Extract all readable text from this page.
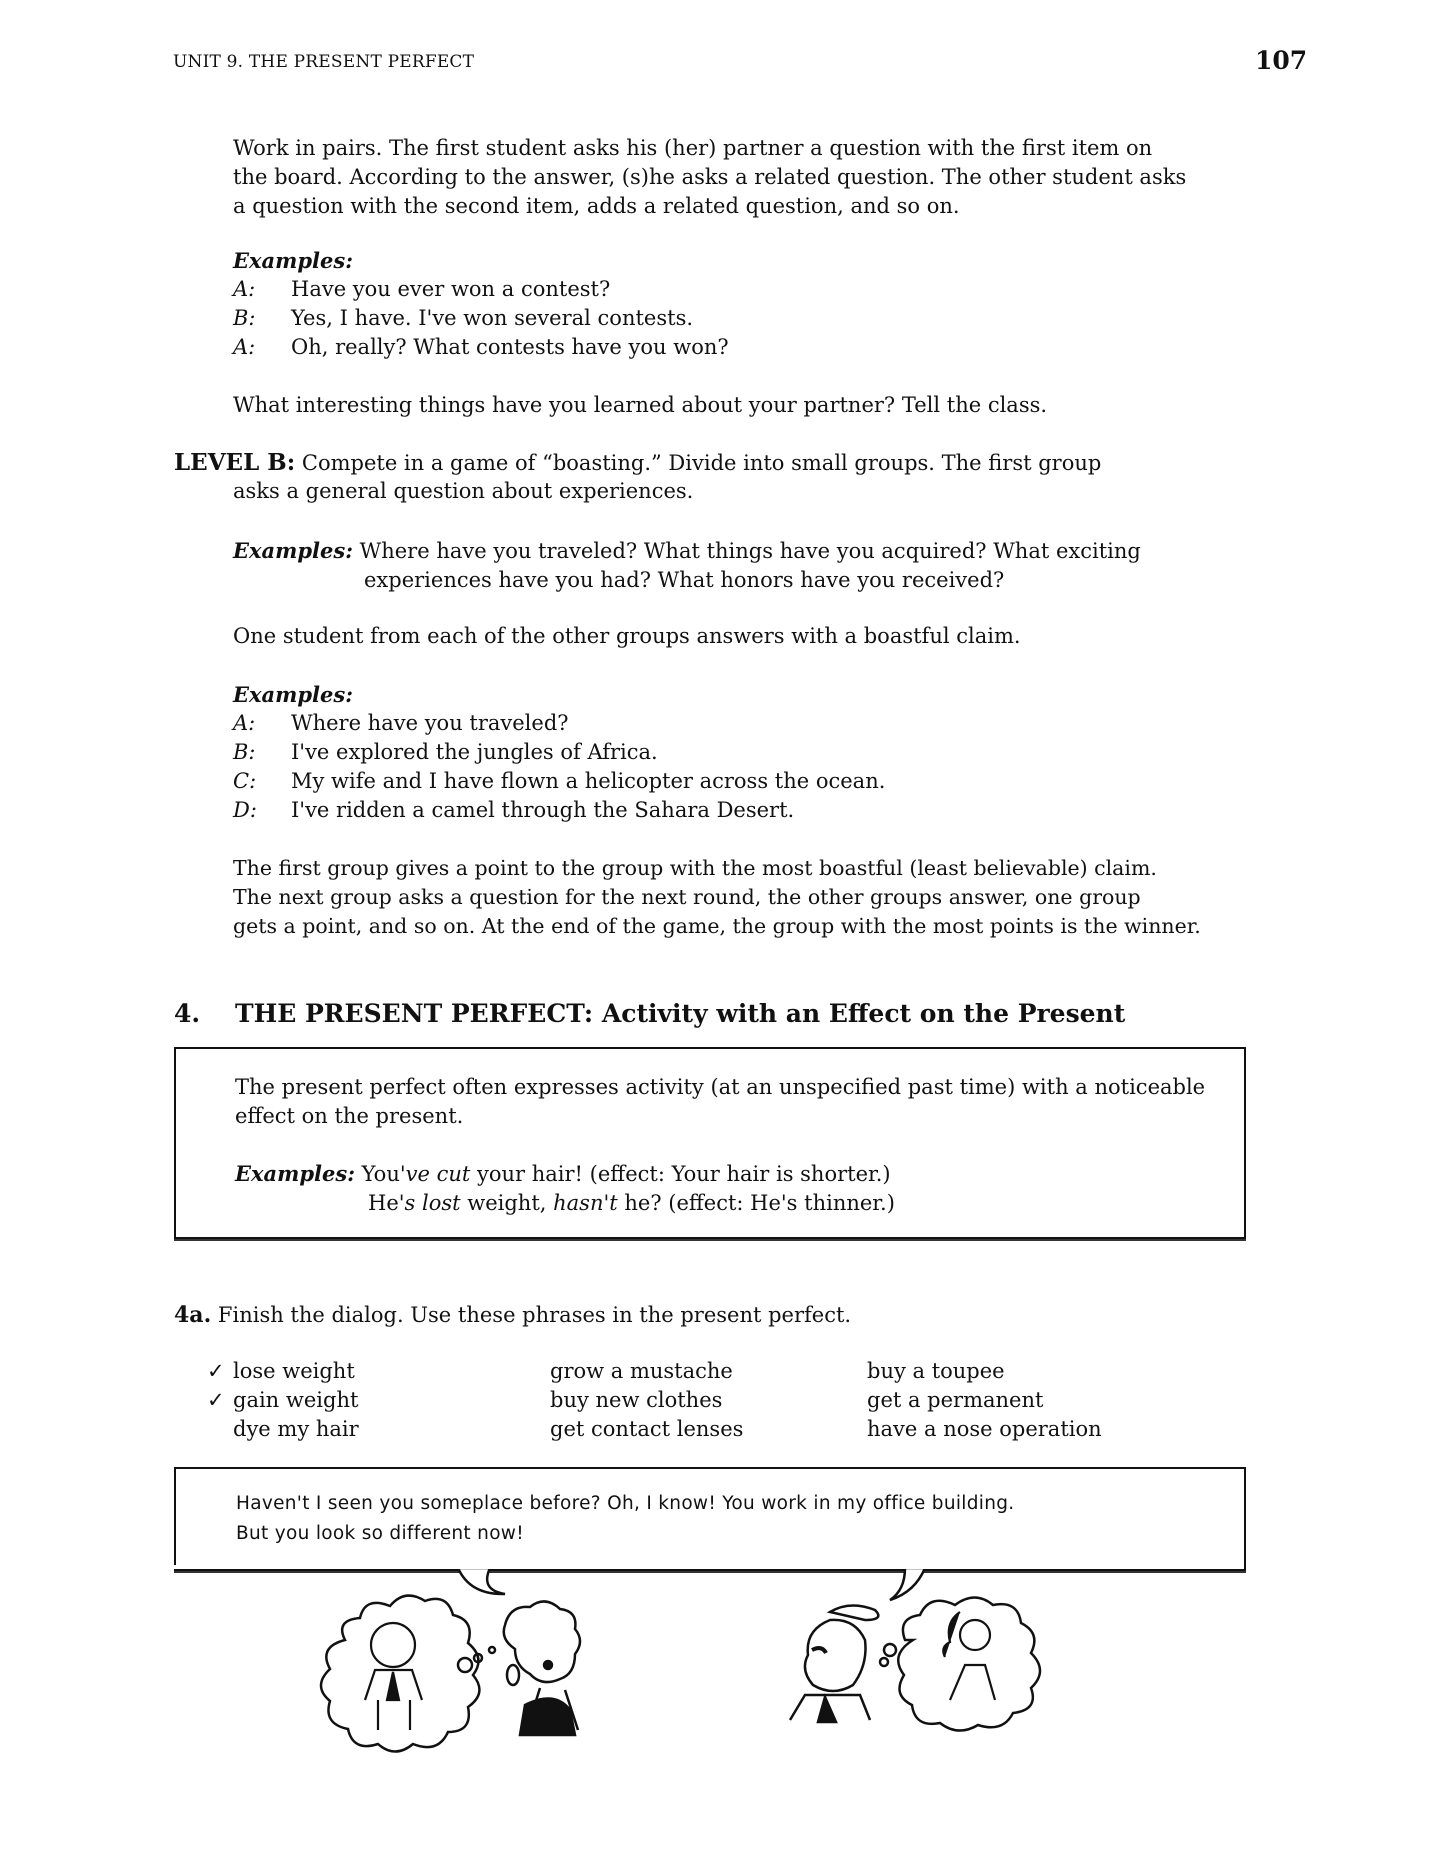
UNIT 9. THE PRESENT PERFECT	107
Work in pairs. The first student asks his (her) partner a question with the first item on
the board. According to the answer, (s)he asks a related question. The other student asks
a question with the second item, adds a related question, and so on.
Examples:
A:	Have you ever won a contest?
B:	Yes, I have. I've won several contests.
A:	Oh, really? What contests have you won?
What interesting things have you learned about your partner? Tell the class.
LEVEL B: Compete in a game of “boasting.” Divide into small groups. The first group
asks a general question about experiences.
Examples: Where have you traveled? What things have you acquired? What exciting
experiences have you had? What honors have you received?
One student from each of the other groups answers with a boastful claim.
Examples:
A:	Where have you traveled?
B:	I've explored the jungles of Africa.
C:	My wife and I have flown a helicopter across the ocean.
D:	I've ridden a camel through the Sahara Desert.
The first group gives a point to the group with the most boastful (least believable) claim.
The next group asks a question for the next round, the other groups answer, one group
gets a point, and so on. At the end of the game, the group with the most points is the winner.
4. THE PRESENT PERFECT: Activity with an Effect on the Present
The present perfect often expresses activity (at an unspecified past time) with a noticeable
effect on the present.
Examples: You've cut your hair! (effect: Your hair is shorter.)
He's lost weight, hasn't he? (effect: He's thinner.)
4a. Finish the dialog. Use these phrases in the present perfect.
✓ lose weight	grow a mustache	buy a toupee
✓ gain weight	buy new clothes	get a permanent
dye my hair	get contact lenses	have a nose operation
Haven't I seen you someplace before? Oh, I know! You work in my office building.
But you look so different now!
